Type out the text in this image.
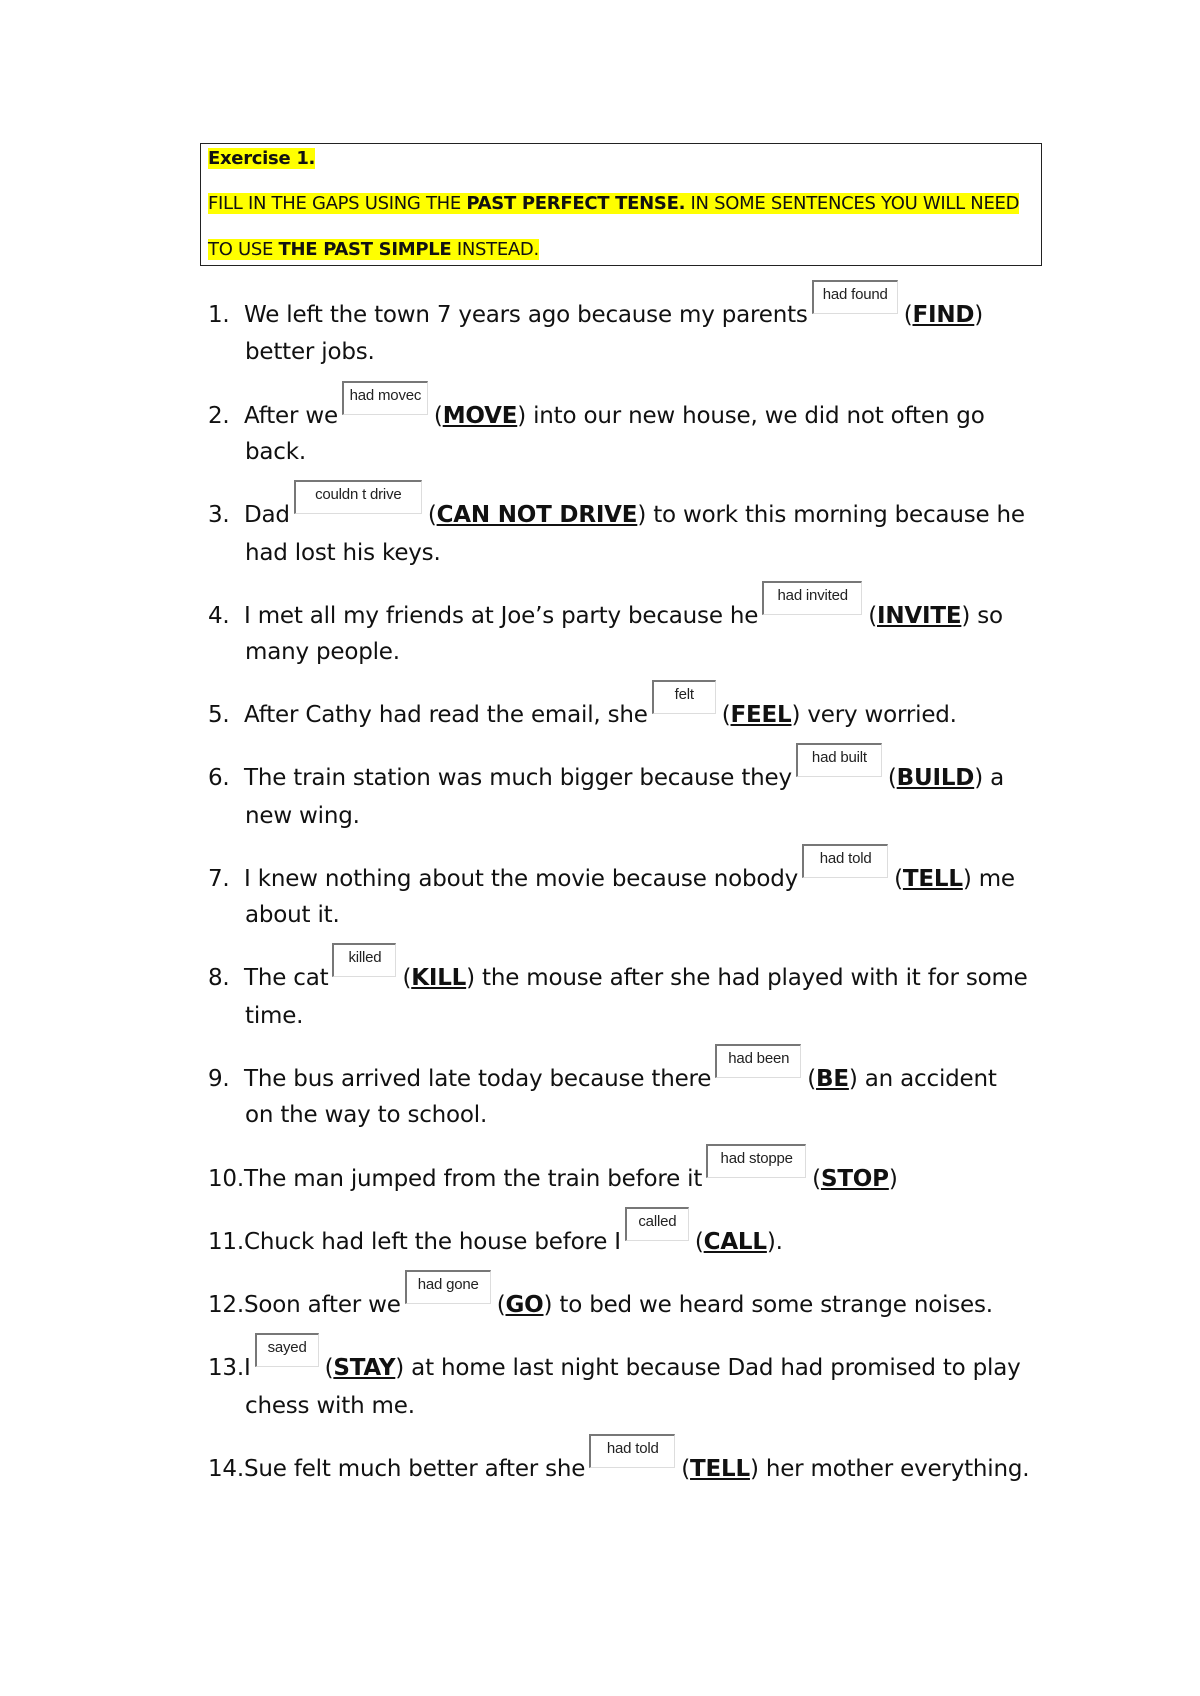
Exercise 1.
FILL IN THE GAPS USING THE PAST PERFECT TENSE. IN SOME SENTENCES YOU WILL NEED
TO USE THE PAST SIMPLE INSTEAD.
1. We left the town 7 years ago because my parentshad found(FIND)
better jobs.
2. After wehad movec(MOVE) into our new house, we did not often go
back.
3. Dadcouldn t drive(CAN NOT DRIVE) to work this morning because he
had lost his keys.
4. I met all my friends at Joe’s party because hehad invited(INVITE) so
many people.
5. After Cathy had read the email, shefelt(FEEL) very worried.
6. The train station was much bigger because theyhad built(BUILD) a
new wing.
7. I knew nothing about the movie because nobodyhad told(TELL) me
about it.
8. The catkilled(KILL) the mouse after she had played with it for some
time.
9. The bus arrived late today because therehad been(BE) an accident
on the way to school.
10.The man jumped from the train before ithad stoppe(STOP)
11.Chuck had left the house before Icalled(CALL).
12.Soon after wehad gone(GO) to bed we heard some strange noises.
13.Isayed(STAY) at home last night because Dad had promised to play
chess with me.
14.Sue felt much better after shehad told(TELL) her mother everything.
